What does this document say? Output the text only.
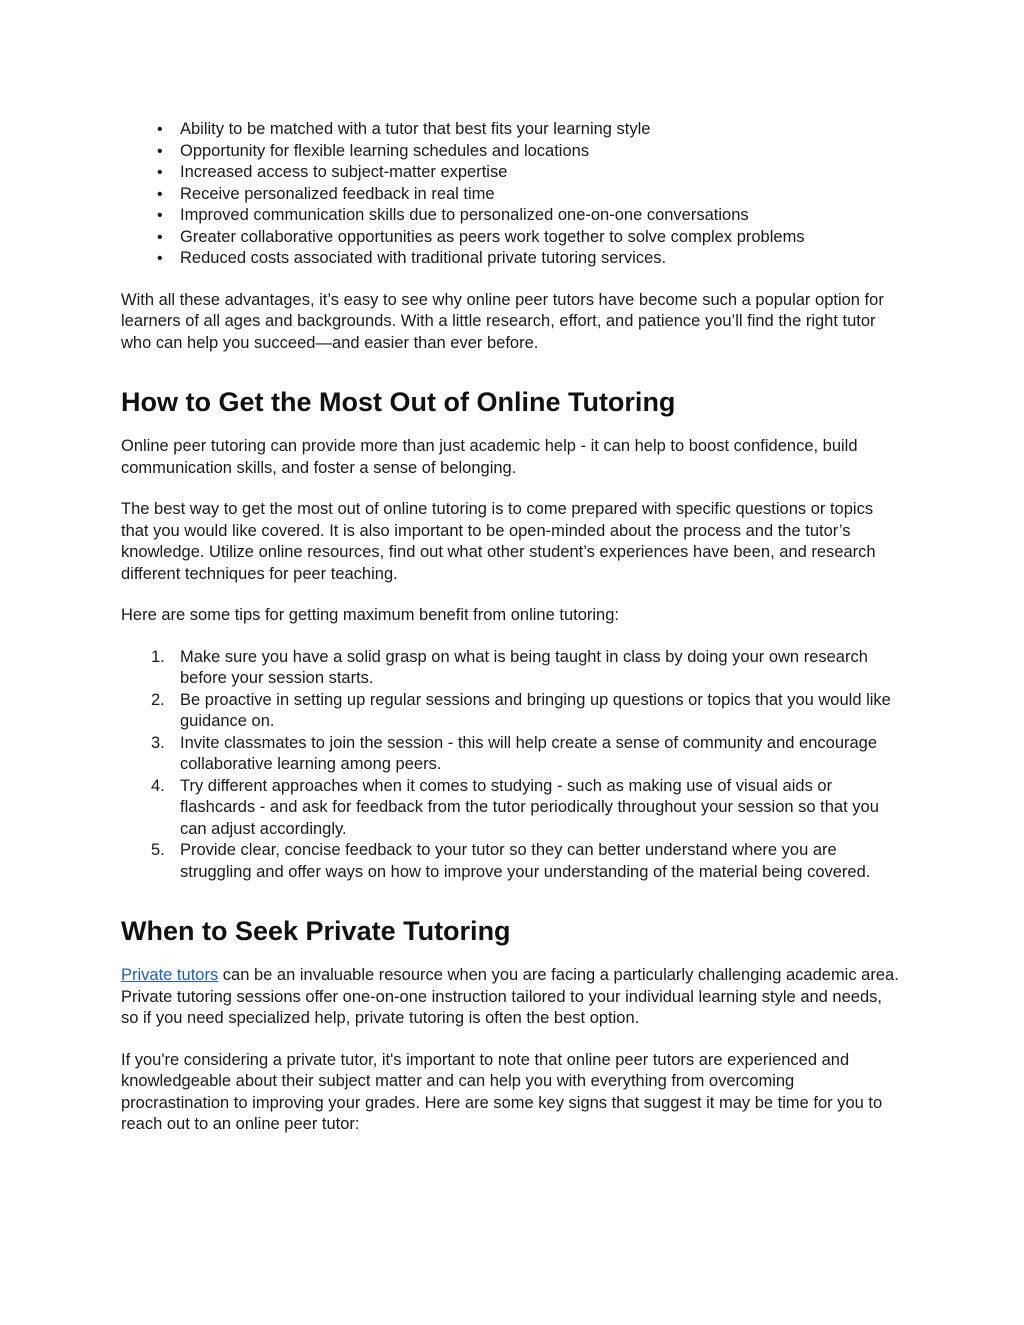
• Ability to be matched with a tutor that best fits your learning style
• Opportunity for flexible learning schedules and locations
• Increased access to subject-matter expertise
• Receive personalized feedback in real time
• Improved communication skills due to personalized one-on-one conversations
• Greater collaborative opportunities as peers work together to solve complex problems
• Reduced costs associated with traditional private tutoring services.

With all these advantages, it’s easy to see why online peer tutors have become such a popular option for learners of all ages and backgrounds. With a little research, effort, and patience you’ll find the right tutor who can help you succeed—and easier than ever before.

How to Get the Most Out of Online Tutoring

Online peer tutoring can provide more than just academic help - it can help to boost confidence, build communication skills, and foster a sense of belonging.

The best way to get the most out of online tutoring is to come prepared with specific questions or topics that you would like covered. It is also important to be open-minded about the process and the tutor’s knowledge. Utilize online resources, find out what other student’s experiences have been, and research different techniques for peer teaching.

Here are some tips for getting maximum benefit from online tutoring:

1. Make sure you have a solid grasp on what is being taught in class by doing your own research before your session starts.
2. Be proactive in setting up regular sessions and bringing up questions or topics that you would like guidance on.
3. Invite classmates to join the session - this will help create a sense of community and encourage collaborative learning among peers.
4. Try different approaches when it comes to studying - such as making use of visual aids or flashcards - and ask for feedback from the tutor periodically throughout your session so that you can adjust accordingly.
5. Provide clear, concise feedback to your tutor so they can better understand where you are struggling and offer ways on how to improve your understanding of the material being covered.
When to Seek Private Tutoring

Private tutors can be an invaluable resource when you are facing a particularly challenging academic area. Private tutoring sessions offer one-on-one instruction tailored to your individual learning style and needs, so if you need specialized help, private tutoring is often the best option.

If you're considering a private tutor, it's important to note that online peer tutors are experienced and knowledgeable about their subject matter and can help you with everything from overcoming procrastination to improving your grades. Here are some key signs that suggest it may be time for you to reach out to an online peer tutor:
